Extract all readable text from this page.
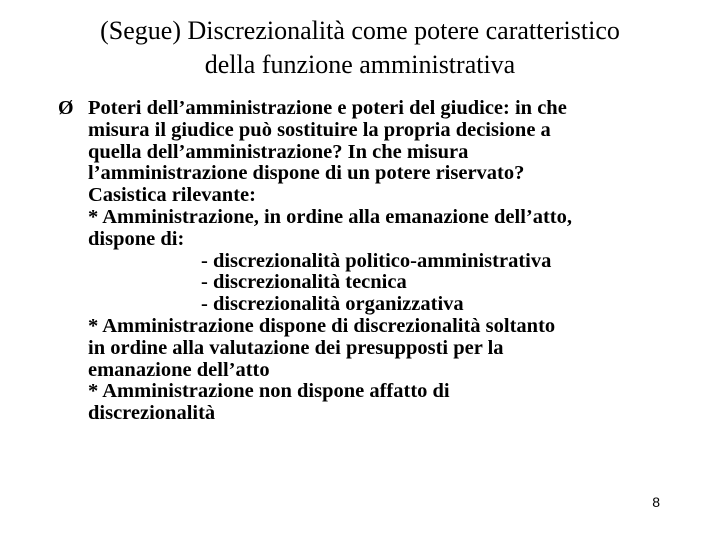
(Segue) Discrezionalità come potere caratteristico
della funzione amministrativa
Ø Poteri dell’amministrazione e poteri del giudice: in che
misura il giudice può sostituire la propria decisione a
quella dell’amministrazione? In che misura
l’amministrazione dispone di un potere riservato?
Casistica rilevante:
* Amministrazione, in ordine alla emanazione dell’atto,
dispone di:
- discrezionalità politico-amministrativa
- discrezionalità tecnica
- discrezionalità organizzativa
* Amministrazione dispone di discrezionalità soltanto
in ordine alla valutazione dei presupposti per la
emanazione dell’atto
* Amministrazione non dispone affatto di
discrezionalità
8
